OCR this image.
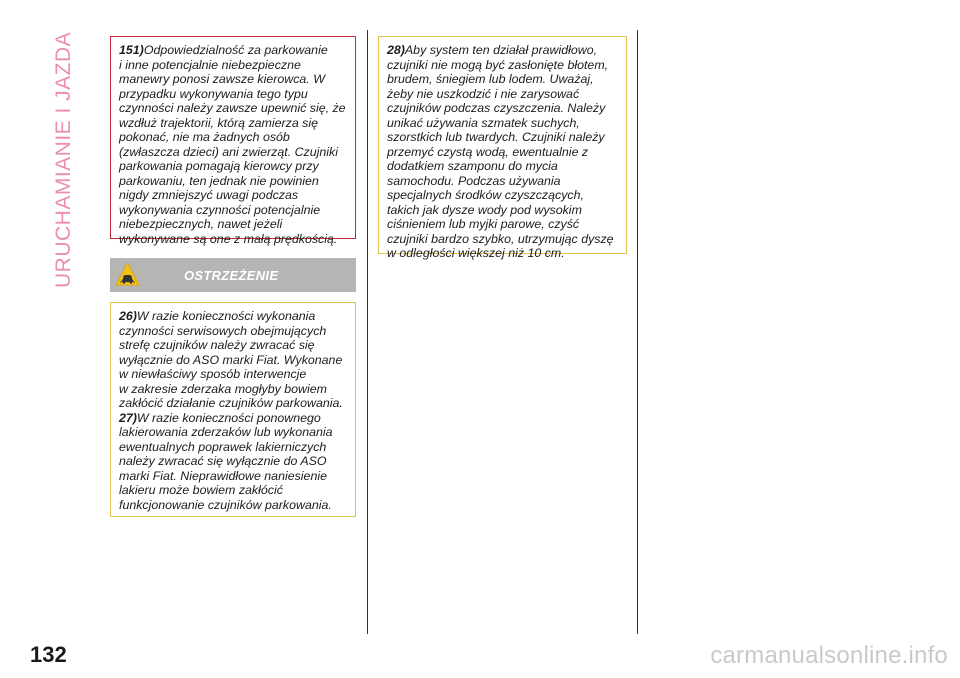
URUCHAMIANIE I JAZDA
132

151)Odpowiedzialność za parkowanie
i inne potencjalnie niebezpieczne manewry ponosi zawsze kierowca. W przypadku wykonywania tego typu czynności należy zawsze upewnić się, że wzdłuż trajektorii, którą zamierza się pokonać, nie ma żadnych osób (zwłaszcza dzieci) ani zwierząt. Czujniki parkowania pomagają kierowcy przy parkowaniu, ten jednak nie powinien nigdy zmniejszyć uwagi podczas wykonywania czynności potencjalnie niebezpiecznych, nawet jeżeli wykonywane są one z małą prędkością.

OSTRZEŻENIE

26)W razie konieczności wykonania czynności serwisowych obejmujących strefę czujników należy zwracać się wyłącznie do ASO marki Fiat. Wykonane
w niewłaściwy sposób interwencje
w zakresie zderzaka mogłyby bowiem zakłócić działanie czujników parkowania.

27)W razie konieczności ponownego lakierowania zderzaków lub wykonania ewentualnych poprawek lakierniczych należy zwracać się wyłącznie do ASO marki Fiat. Nieprawidłowe naniesienie lakieru może bowiem zakłócić funkcjonowanie czujników parkowania.

28)Aby system ten działał prawidłowo, czujniki nie mogą być zasłonięte błotem, brudem, śniegiem lub lodem. Uważaj, żeby nie uszkodzić i nie zarysować czujników podczas czyszczenia. Należy unikać używania szmatek suchych, szorstkich lub twardych. Czujniki należy przemyć czystą wodą, ewentualnie z dodatkiem szamponu do mycia samochodu. Podczas używania specjalnych środków czyszczących, takich jak dysze wody pod wysokim ciśnieniem lub myjki parowe, czyść czujniki bardzo szybko, utrzymując dyszę w odległości większej niż 10 cm.

carmanualsonline.info
